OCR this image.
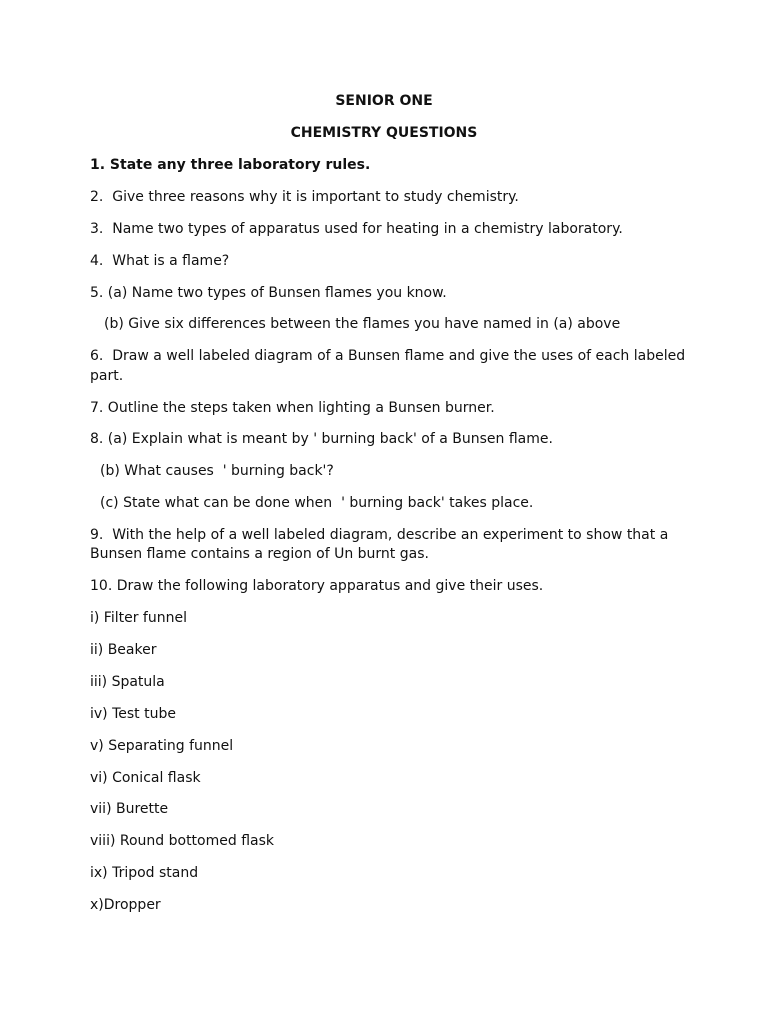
SENIOR ONE

CHEMISTRY QUESTIONS

1. State any three laboratory rules.

2.  Give three reasons why it is important to study chemistry.

3.  Name two types of apparatus used for heating in a chemistry laboratory.

4.  What is a flame?

5. (a) Name two types of Bunsen flames you know.

(b) Give six differences between the flames you have named in (a) above

6.  Draw a well labeled diagram of a Bunsen flame and give the uses of each labeled

part.

7. Outline the steps taken when lighting a Bunsen burner.

8. (a) Explain what is meant by ' burning back' of a Bunsen flame.

(b) What causes  ' burning back'?

(c) State what can be done when  ' burning back' takes place.

9.  With the help of a well labeled diagram, describe an experiment to show that a

Bunsen flame contains a region of Un burnt gas.

10. Draw the following laboratory apparatus and give their uses.

i) Filter funnel

ii) Beaker

iii) Spatula

iv) Test tube

v) Separating funnel

vi) Conical flask

vii) Burette

viii) Round bottomed flask

ix) Tripod stand

x)Dropper
